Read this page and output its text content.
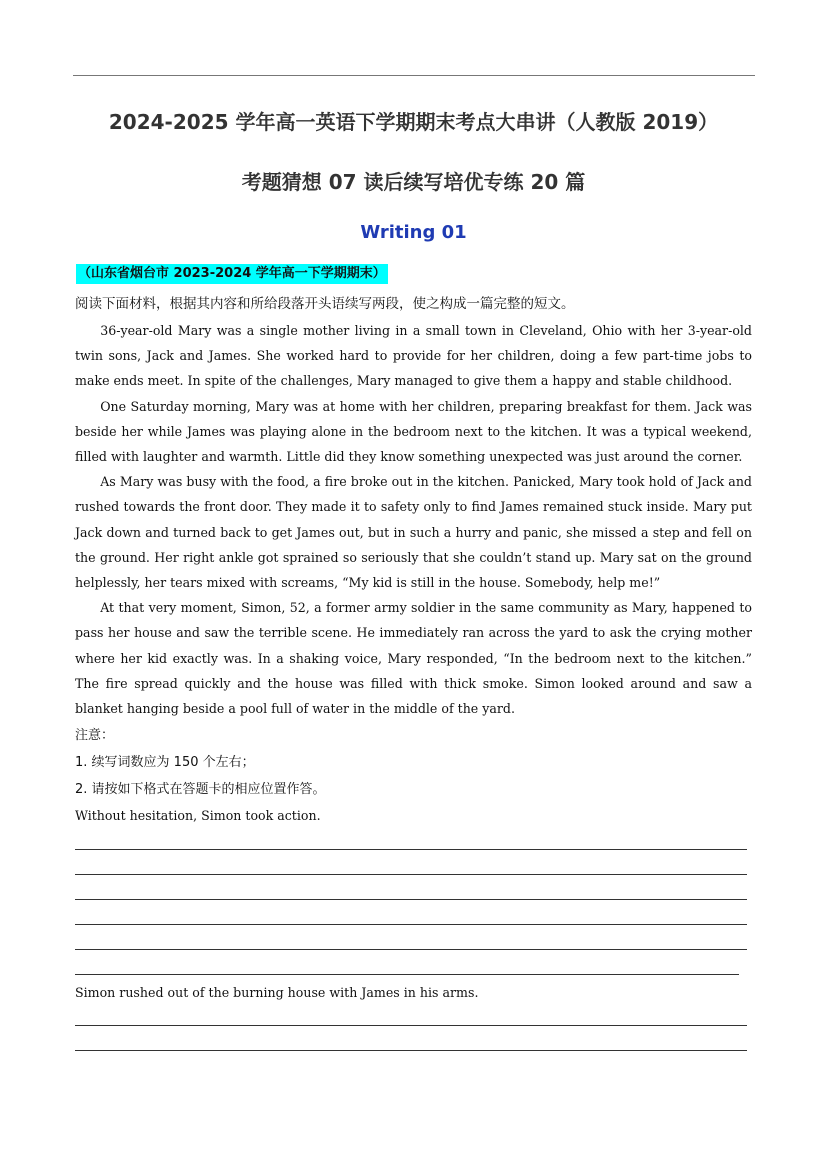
2024-2025 学年高一英语下学期期末考点大串讲（人教版 2019）
考题猜想 07 读后续写培优专练 20 篇
Writing 01
（山东省烟台市 2023-2024 学年高一下学期期末）
阅读下面材料，根据其内容和所给段落开头语续写两段，使之构成一篇完整的短文。

36-year-old Mary was a single mother living in a small town in Cleveland, Ohio with her 3-year-old twin sons, Jack and James. She worked hard to provide for her children, doing a few part-time jobs to make ends meet. In spite of the challenges, Mary managed to give them a happy and stable childhood.

One Saturday morning, Mary was at home with her children, preparing breakfast for them. Jack was beside her while James was playing alone in the bedroom next to the kitchen. It was a typical weekend, filled with laughter and warmth. Little did they know something unexpected was just around the corner.

As Mary was busy with the food, a fire broke out in the kitchen. Panicked, Mary took hold of Jack and rushed towards the front door. They made it to safety only to find James remained stuck inside. Mary put Jack down and turned back to get James out, but in such a hurry and panic, she missed a step and fell on the ground. Her right ankle got sprained so seriously that she couldn’t stand up. Mary sat on the ground helplessly, her tears mixed with screams, “My kid is still in the house. Somebody, help me!”

At that very moment, Simon, 52, a former army soldier in the same community as Mary, happened to pass her house and saw the terrible scene. He immediately ran across the yard to ask the crying mother where her kid exactly was. In a shaking voice, Mary responded, “In the bedroom next to the kitchen.” The fire spread quickly and the house was filled with thick smoke. Simon looked around and saw a blanket hanging beside a pool full of water in the middle of the yard.

注意：
1. 续写词数应为 150 个左右；
2. 请按如下格式在答题卡的相应位置作答。
Without hesitation, Simon took action.
Simon rushed out of the burning house with James in his arms.
